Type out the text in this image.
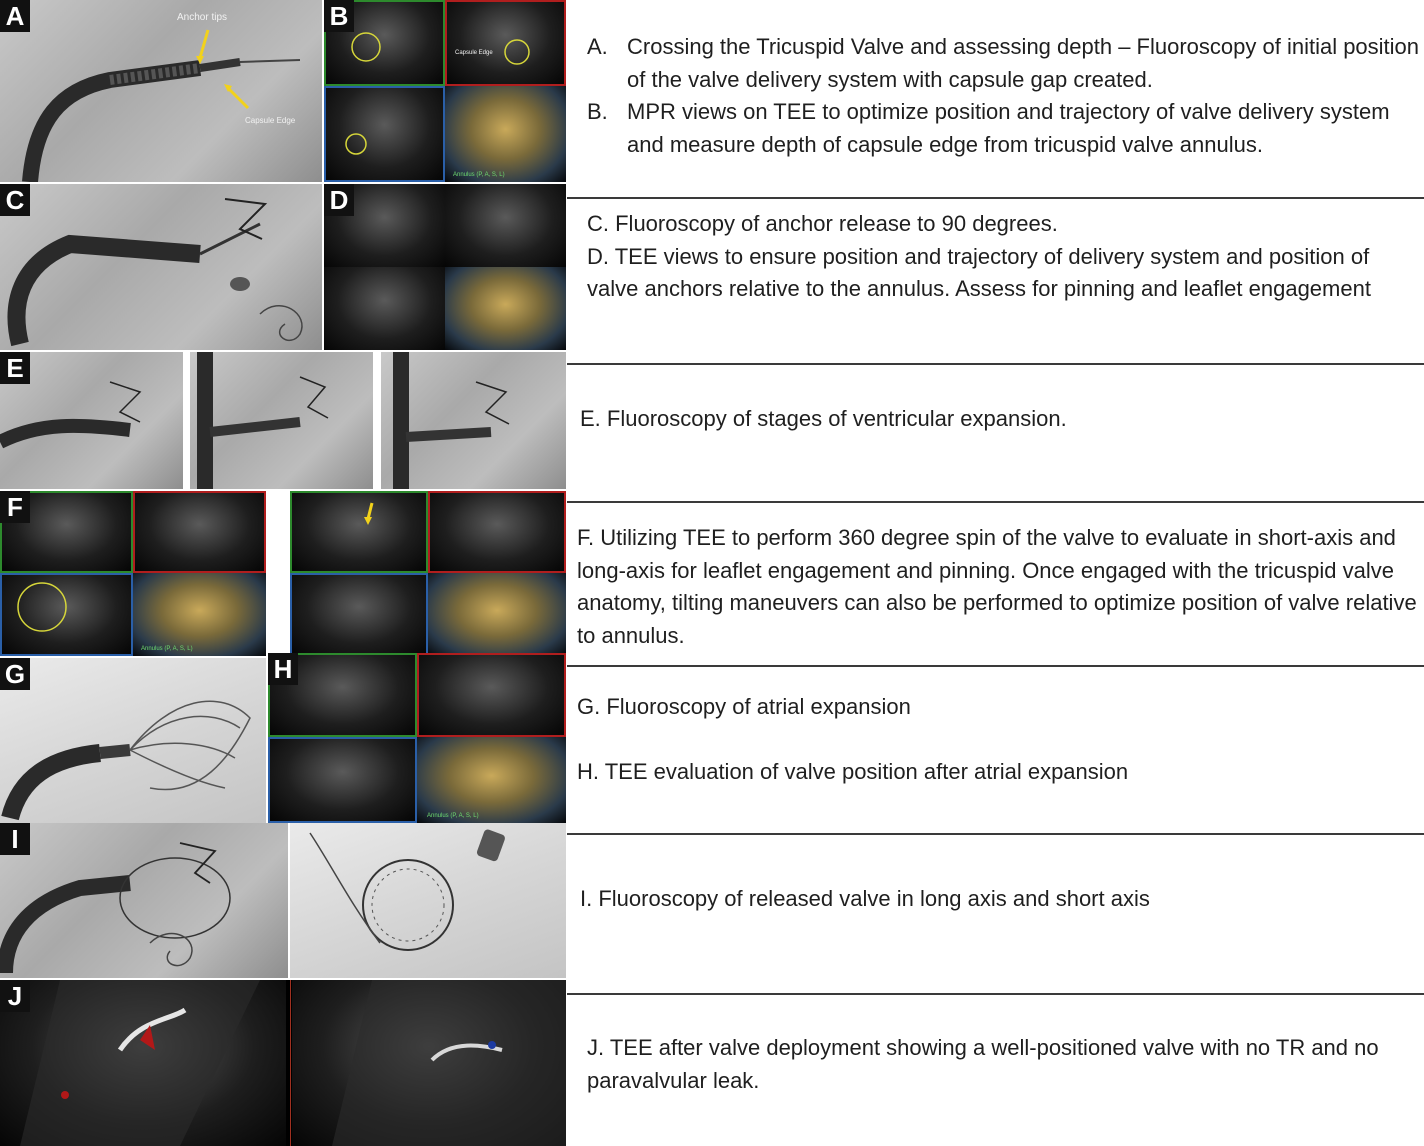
A	Anchor tips
Capsule Edge
Capsule Edge
Annulus (P, A, S, L)
B
A. Crossing the Tricuspid Valve and assessing depth – Fluoroscopy of initial position of the valve delivery system with capsule gap created.
B. MPR views on TEE to optimize position and trajectory of valve delivery system and measure depth of capsule edge from tricuspid valve annulus.
C	D

C. Fluoroscopy of anchor release to 90 degrees.

D. TEE views to ensure position and trajectory of delivery system and position of valve anchors relative to the annulus. Assess for pinning and leaflet engagement

E
E. Fluoroscopy of stages of ventricular expansion.
Annulus (P, A, S, L)
F
F. Utilizing TEE to perform 360 degree spin of the valve to evaluate in short-axis and long-axis for leaflet engagement and pinning. Once engaged with the tricuspid valve anatomy, tilting maneuvers can also be performed to optimize position of valve relative to annulus.
G
Annulus (P, A, S, L)
H
G. Fluoroscopy of atrial expansion
H. TEE evaluation of valve position after atrial expansion
I
I. Fluoroscopy of released valve in long axis and short axis
J
J. TEE after valve deployment showing a well-positioned valve with no TR and no paravalvular leak.
